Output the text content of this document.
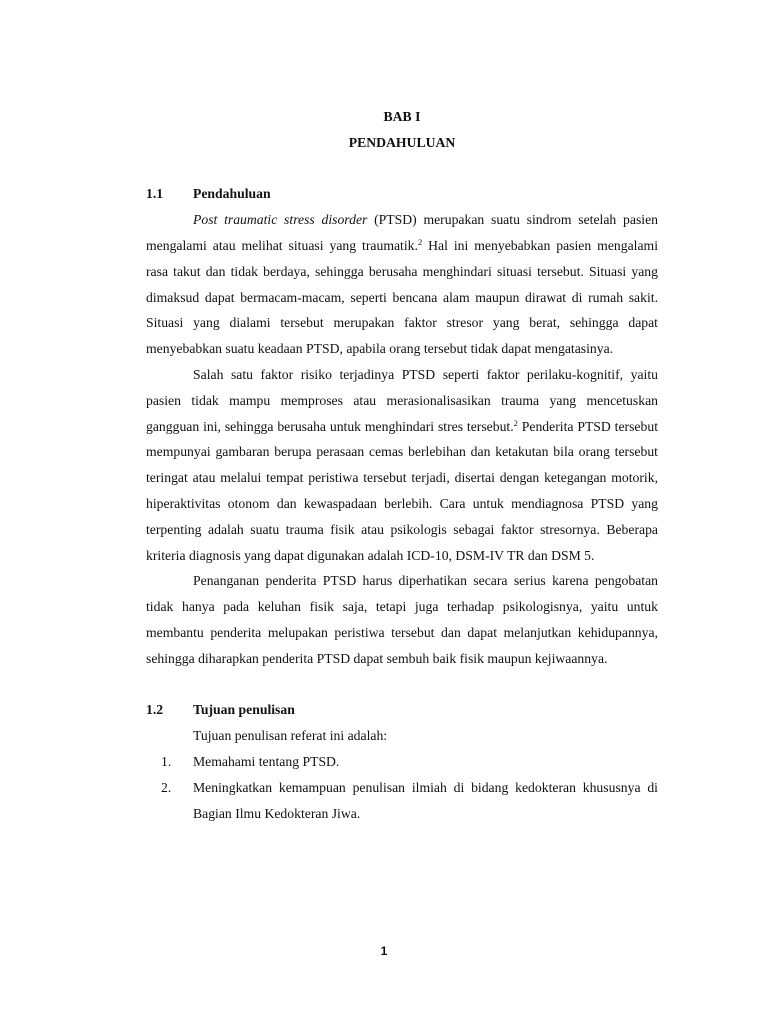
BAB I
PENDAHULUAN
1.1	Pendahuluan

Post traumatic stress disorder (PTSD) merupakan suatu sindrom setelah pasien mengalami atau melihat situasi yang traumatik.$^2$ Hal ini menyebabkan pasien mengalami rasa takut dan tidak berdaya, sehingga berusaha menghindari situasi tersebut. Situasi yang dimaksud dapat bermacam-macam, seperti bencana alam maupun dirawat di rumah sakit. Situasi yang dialami tersebut merupakan faktor stresor yang berat, sehingga dapat menyebabkan suatu keadaan PTSD, apabila orang tersebut tidak dapat mengatasinya.

Salah satu faktor risiko terjadinya PTSD seperti faktor perilaku-kognitif, yaitu pasien tidak mampu memproses atau merasionalisasikan trauma yang mencetuskan gangguan ini, sehingga berusaha untuk menghindari stres tersebut.$^2$ Penderita PTSD tersebut mempunyai gambaran berupa perasaan cemas berlebihan dan ketakutan bila orang tersebut teringat atau melalui tempat peristiwa tersebut terjadi, disertai dengan ketegangan motorik, hiperaktivitas otonom dan kewaspadaan berlebih. Cara untuk mendiagnosa PTSD yang terpenting adalah suatu trauma fisik atau psikologis sebagai faktor stresornya. Beberapa kriteria diagnosis yang dapat digunakan adalah ICD-10, DSM-IV TR dan DSM 5.

Penanganan penderita PTSD harus diperhatikan secara serius karena pengobatan tidak hanya pada keluhan fisik saja, tetapi juga terhadap psikologisnya, yaitu untuk membantu penderita melupakan peristiwa tersebut dan dapat melanjutkan kehidupannya, sehingga diharapkan penderita PTSD dapat sembuh baik fisik maupun kejiwaannya.

1.2	Tujuan penulisan
Tujuan penulisan referat ini adalah:
1.	Memahami tentang PTSD.
2.	Meningkatkan kemampuan penulisan ilmiah di bidang kedokteran khususnya di Bagian Ilmu Kedokteran Jiwa.
1
